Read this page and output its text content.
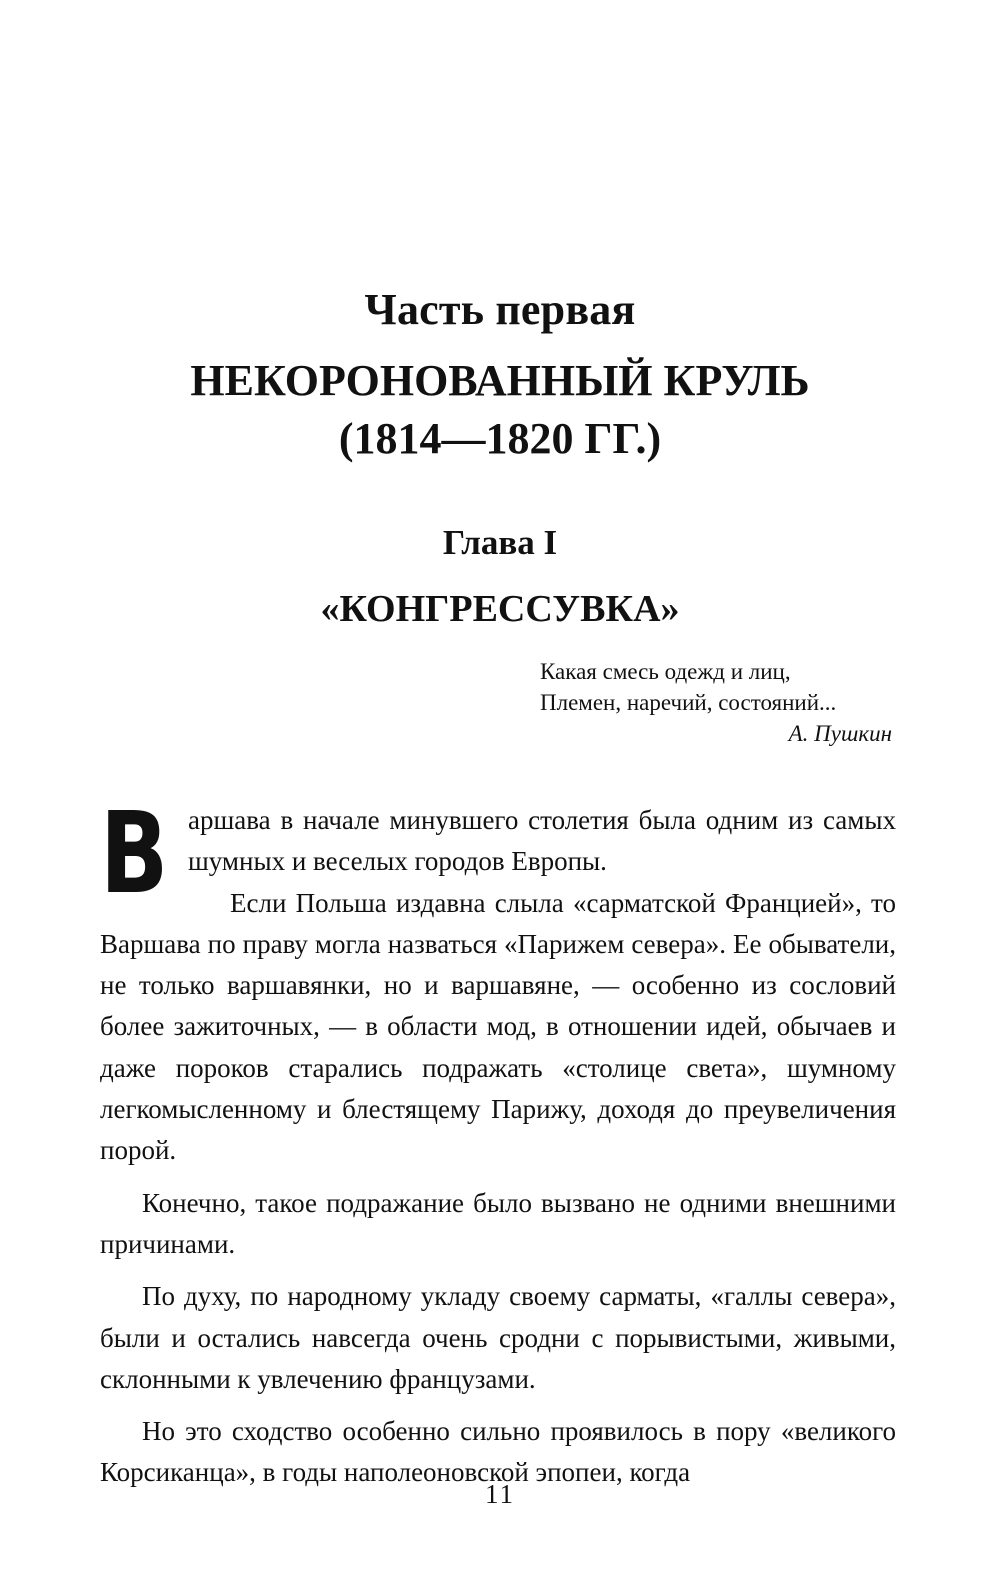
Часть первая
НЕКОРОНОВАННЫЙ КРУЛЬ
(1814—1820 ГГ.)
Глава I
«КОНГРЕССУВКА»
Какая смесь одежд и лиц,
Племен, наречий, состояний...
А. Пушкин

Варшава в начале минувшего столетия была одним из самых шумных и веселых городов Европы.

Если Польша издавна слыла «сарматской Францией», то Варшава по праву могла назваться «Парижем севера». Ее обыватели, не только варшавянки, но и варшавяне, — особенно из сословий более зажиточных, — в области мод, в отношении идей, обычаев и даже пороков старались подражать «столице света», шумному легкомысленному и блестящему Парижу, доходя до преувеличения порой.

Конечно, такое подражание было вызвано не одними внешними причинами.

По духу, по народному укладу своему сарматы, «галлы севера», были и остались навсегда очень сродни с порывистыми, живыми, склонными к увлечению французами.

Но это сходство особенно сильно проявилось в пору «великого Корсиканца», в годы наполеоновской эпопеи, когда

11
